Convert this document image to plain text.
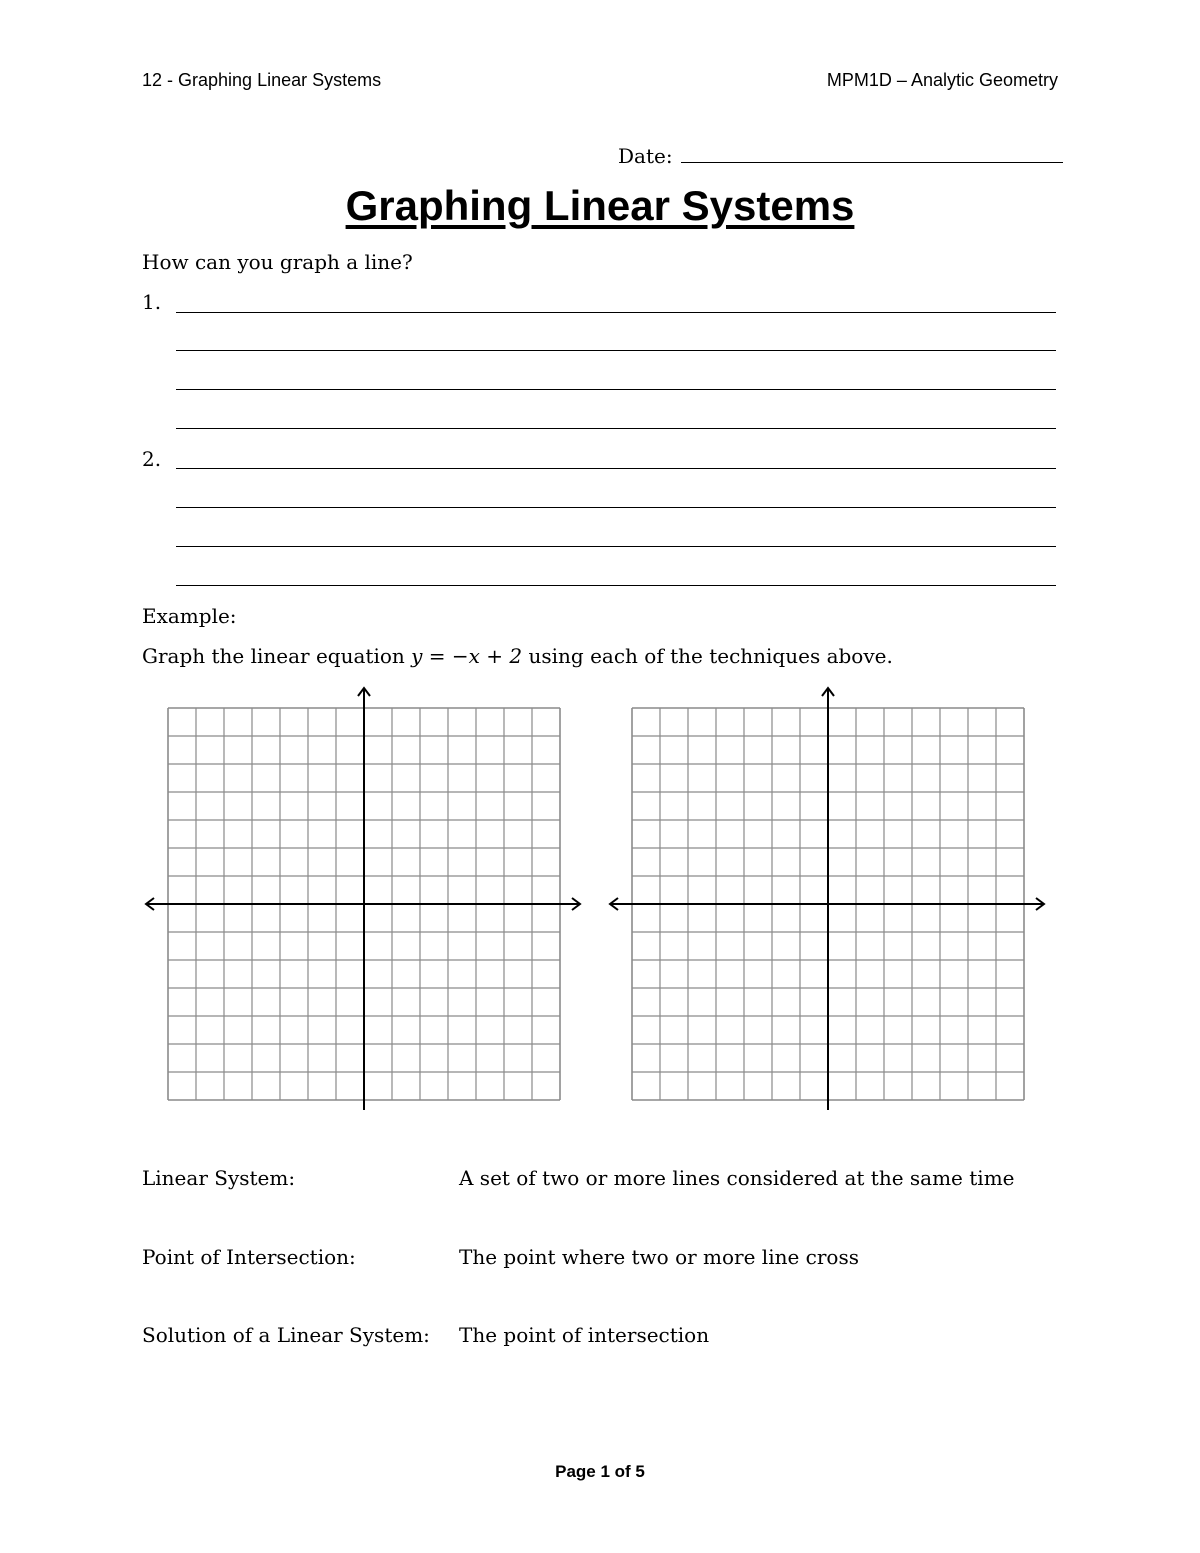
12 - Graphing Linear Systems	MPM1D – Analytic Geometry
Date:
Graphing Linear Systems
How can you graph a line?
1.
2.
Example:
Graph the linear equation y = −x + 2 using each of the techniques above.
Linear System:	A set of two or more lines considered at the same time
Point of Intersection:	The point where two or more line cross
Solution of a Linear System: The point of intersection
Page 1 of 5
